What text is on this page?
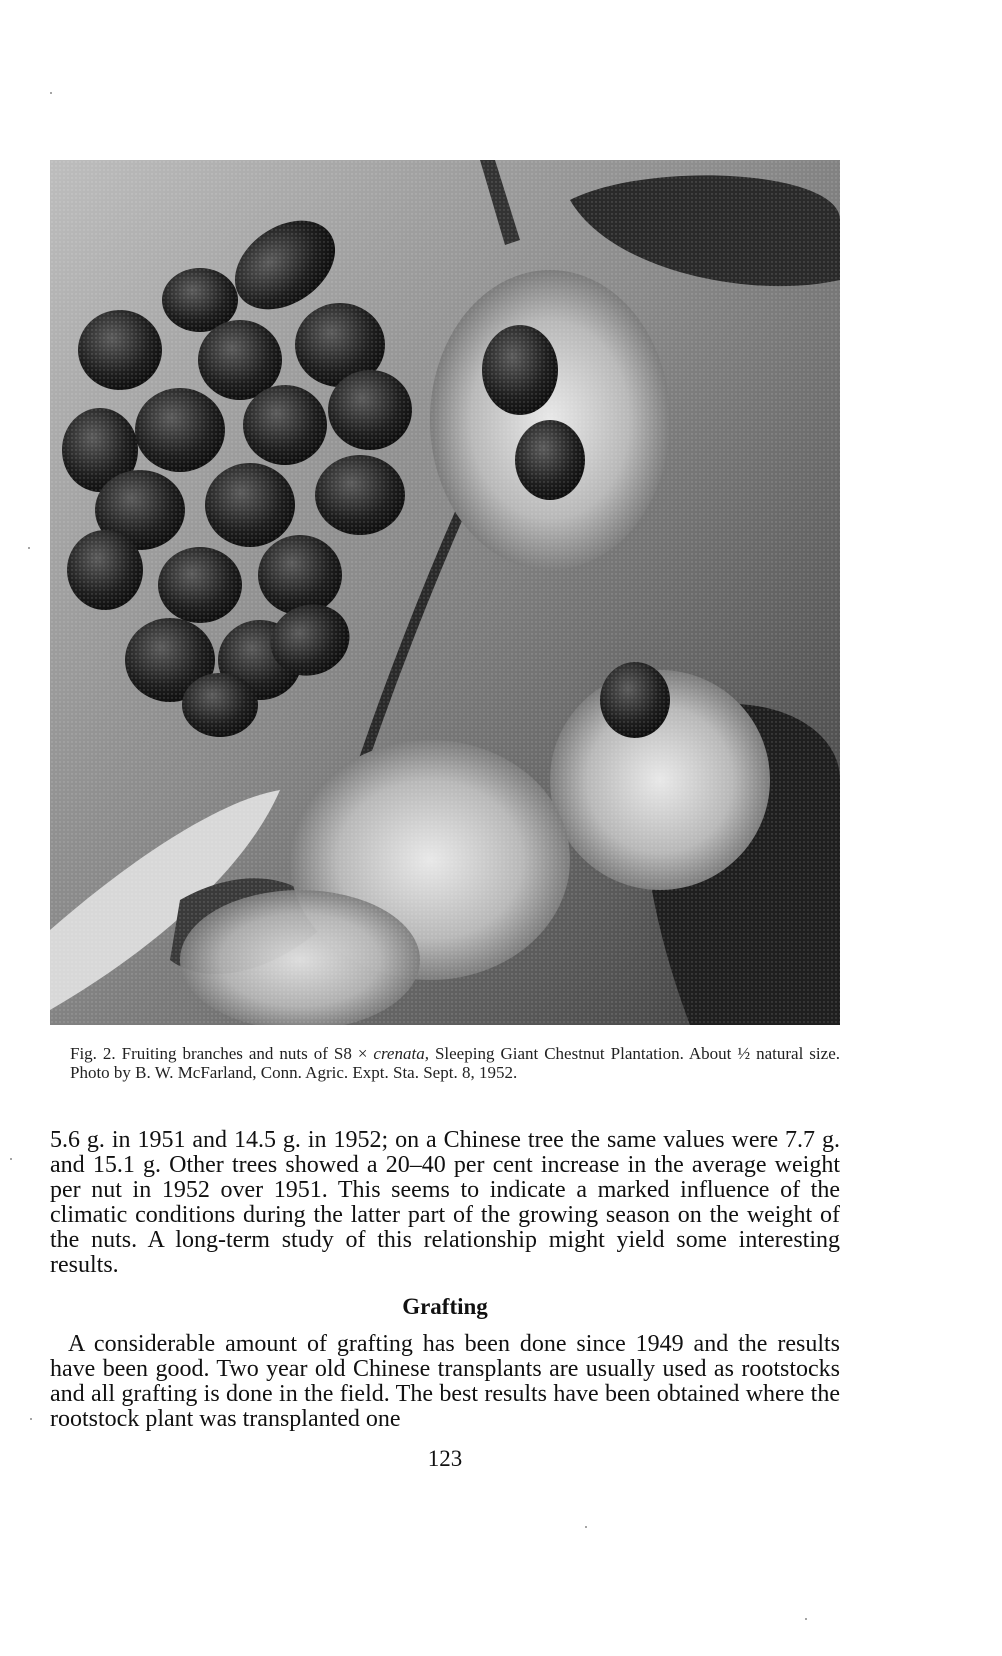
Fig. 2. Fruiting branches and nuts of S8 × crenata, Sleeping Giant Chestnut Plantation. About ½ natural size. Photo by B. W. McFarland, Conn. Agric. Expt. Sta. Sept. 8, 1952.
5.6 g. in 1951 and 14.5 g. in 1952; on a Chinese tree the same values were 7.7 g. and 15.1 g. Other trees showed a 20–40 per cent increase in the average weight per nut in 1952 over 1951. This seems to indicate a marked influence of the climatic conditions during the latter part of the growing season on the weight of the nuts. A long-term study of this relationship might yield some interesting results.
Grafting
A considerable amount of grafting has been done since 1949 and the results have been good. Two year old Chinese transplants are usually used as rootstocks and all grafting is done in the field. The best results have been obtained where the rootstock plant was transplanted one
123
